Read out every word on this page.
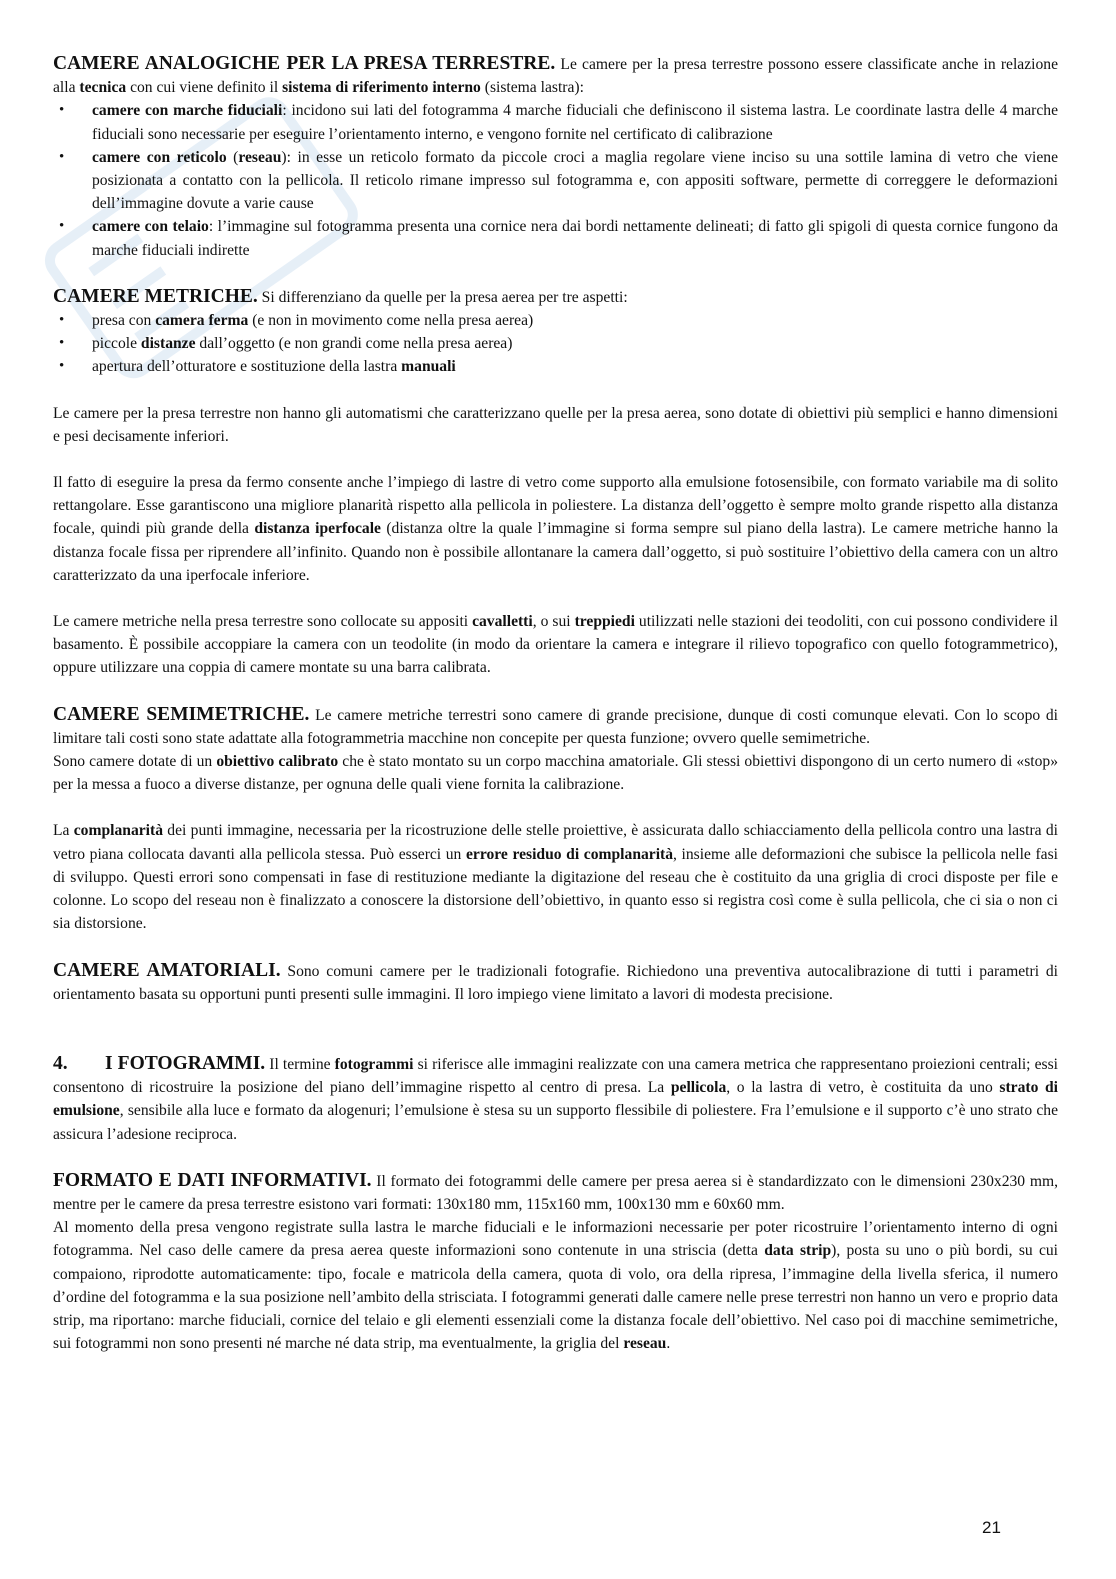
CAMERE ANALOGICHE PER LA PRESA TERRESTRE. Le camere per la presa terrestre possono essere classificate anche in relazione alla tecnica con cui viene definito il sistema di riferimento interno (sistema lastra):

• camere con marche fiduciali: incidono sui lati del fotogramma 4 marche fiduciali che definiscono il sistema lastra. Le coordinate lastra delle 4 marche fiduciali sono necessarie per eseguire l’orientamento interno, e vengono fornite nel certificato di calibrazione
• camere con reticolo (reseau): in esse un reticolo formato da piccole croci a maglia regolare viene inciso su una sottile lamina di vetro che viene posizionata a contatto con la pellicola. Il reticolo rimane impresso sul fotogramma e, con appositi software, permette di correggere le deformazioni dell’immagine dovute a varie cause
• camere con telaio: l’immagine sul fotogramma presenta una cornice nera dai bordi nettamente delineati; di fatto gli spigoli di questa cornice fungono da marche fiduciali indirette

CAMERE METRICHE. Si differenziano da quelle per la presa aerea per tre aspetti:

• presa con camera ferma (e non in movimento come nella presa aerea)
• piccole distanze dall’oggetto (e non grandi come nella presa aerea)
• apertura dell’otturatore e sostituzione della lastra manuali

Le camere per la presa terrestre non hanno gli automatismi che caratterizzano quelle per la presa aerea, sono dotate di obiettivi più semplici e hanno dimensioni e pesi decisamente inferiori.

Il fatto di eseguire la presa da fermo consente anche l’impiego di lastre di vetro come supporto alla emulsione fotosensibile, con formato variabile ma di solito rettangolare. Esse garantiscono una migliore planarità rispetto alla pellicola in poliestere. La distanza dell’oggetto è sempre molto grande rispetto alla distanza focale, quindi più grande della distanza iperfocale (distanza oltre la quale l’immagine si forma sempre sul piano della lastra). Le camere metriche hanno la distanza focale fissa per riprendere all’infinito. Quando non è possibile allontanare la camera dall’oggetto, si può sostituire l’obiettivo della camera con un altro caratterizzato da una iperfocale inferiore.

Le camere metriche nella presa terrestre sono collocate su appositi cavalletti, o sui treppiedi utilizzati nelle stazioni dei teodoliti, con cui possono condividere il basamento. È possibile accoppiare la camera con un teodolite (in modo da orientare la camera e integrare il rilievo topografico con quello fotogrammetrico), oppure utilizzare una coppia di camere montate su una barra calibrata.

CAMERE SEMIMETRICHE. Le camere metriche terrestri sono camere di grande precisione, dunque di costi comunque elevati. Con lo scopo di limitare tali costi sono state adattate alla fotogrammetria macchine non concepite per questa funzione; ovvero quelle semimetriche.

Sono camere dotate di un obiettivo calibrato che è stato montato su un corpo macchina amatoriale. Gli stessi obiettivi dispongono di un certo numero di «stop» per la messa a fuoco a diverse distanze, per ognuna delle quali viene fornita la calibrazione.

La complanarità dei punti immagine, necessaria per la ricostruzione delle stelle proiettive, è assicurata dallo schiacciamento della pellicola contro una lastra di vetro piana collocata davanti alla pellicola stessa. Può esserci un errore residuo di complanarità, insieme alle deformazioni che subisce la pellicola nelle fasi di sviluppo. Questi errori sono compensati in fase di restituzione mediante la digitazione del reseau che è costituito da una griglia di croci disposte per file e colonne. Lo scopo del reseau non è finalizzato a conoscere la distorsione dell’obiettivo, in quanto esso si registra così come è sulla pellicola, che ci sia o non ci sia distorsione.

CAMERE AMATORIALI. Sono comuni camere per le tradizionali fotografie. Richiedono una preventiva autocalibrazione di tutti i parametri di orientamento basata su opportuni punti presenti sulle immagini. Il loro impiego viene limitato a lavori di modesta precisione.

4. I FOTOGRAMMI. Il termine fotogrammi si riferisce alle immagini realizzate con una camera metrica che rappresentano proiezioni centrali; essi consentono di ricostruire la posizione del piano dell’immagine rispetto al centro di presa. La pellicola, o la lastra di vetro, è costituita da uno strato di emulsione, sensibile alla luce e formato da alogenuri; l’emulsione è stesa su un supporto flessibile di poliestere. Fra l’emulsione e il supporto c’è uno strato che assicura l’adesione reciproca.

FORMATO E DATI INFORMATIVI. Il formato dei fotogrammi delle camere per presa aerea si è standardizzato con le dimensioni 230x230 mm, mentre per le camere da presa terrestre esistono vari formati: 130x180 mm, 115x160 mm, 100x130 mm e 60x60 mm.

Al momento della presa vengono registrate sulla lastra le marche fiduciali e le informazioni necessarie per poter ricostruire l’orientamento interno di ogni fotogramma. Nel caso delle camere da presa aerea queste informazioni sono contenute in una striscia (detta data strip), posta su uno o più bordi, su cui compaiono, riprodotte automaticamente: tipo, focale e matricola della camera, quota di volo, ora della ripresa, l’immagine della livella sferica, il numero d’ordine del fotogramma e la sua posizione nell’ambito della strisciata. I fotogrammi generati dalle camere nelle prese terrestri non hanno un vero e proprio data strip, ma riportano: marche fiduciali, cornice del telaio e gli elementi essenziali come la distanza focale dell’obiettivo. Nel caso poi di macchine semimetriche, sui fotogrammi non sono presenti né marche né data strip, ma eventualmente, la griglia del reseau.

21
